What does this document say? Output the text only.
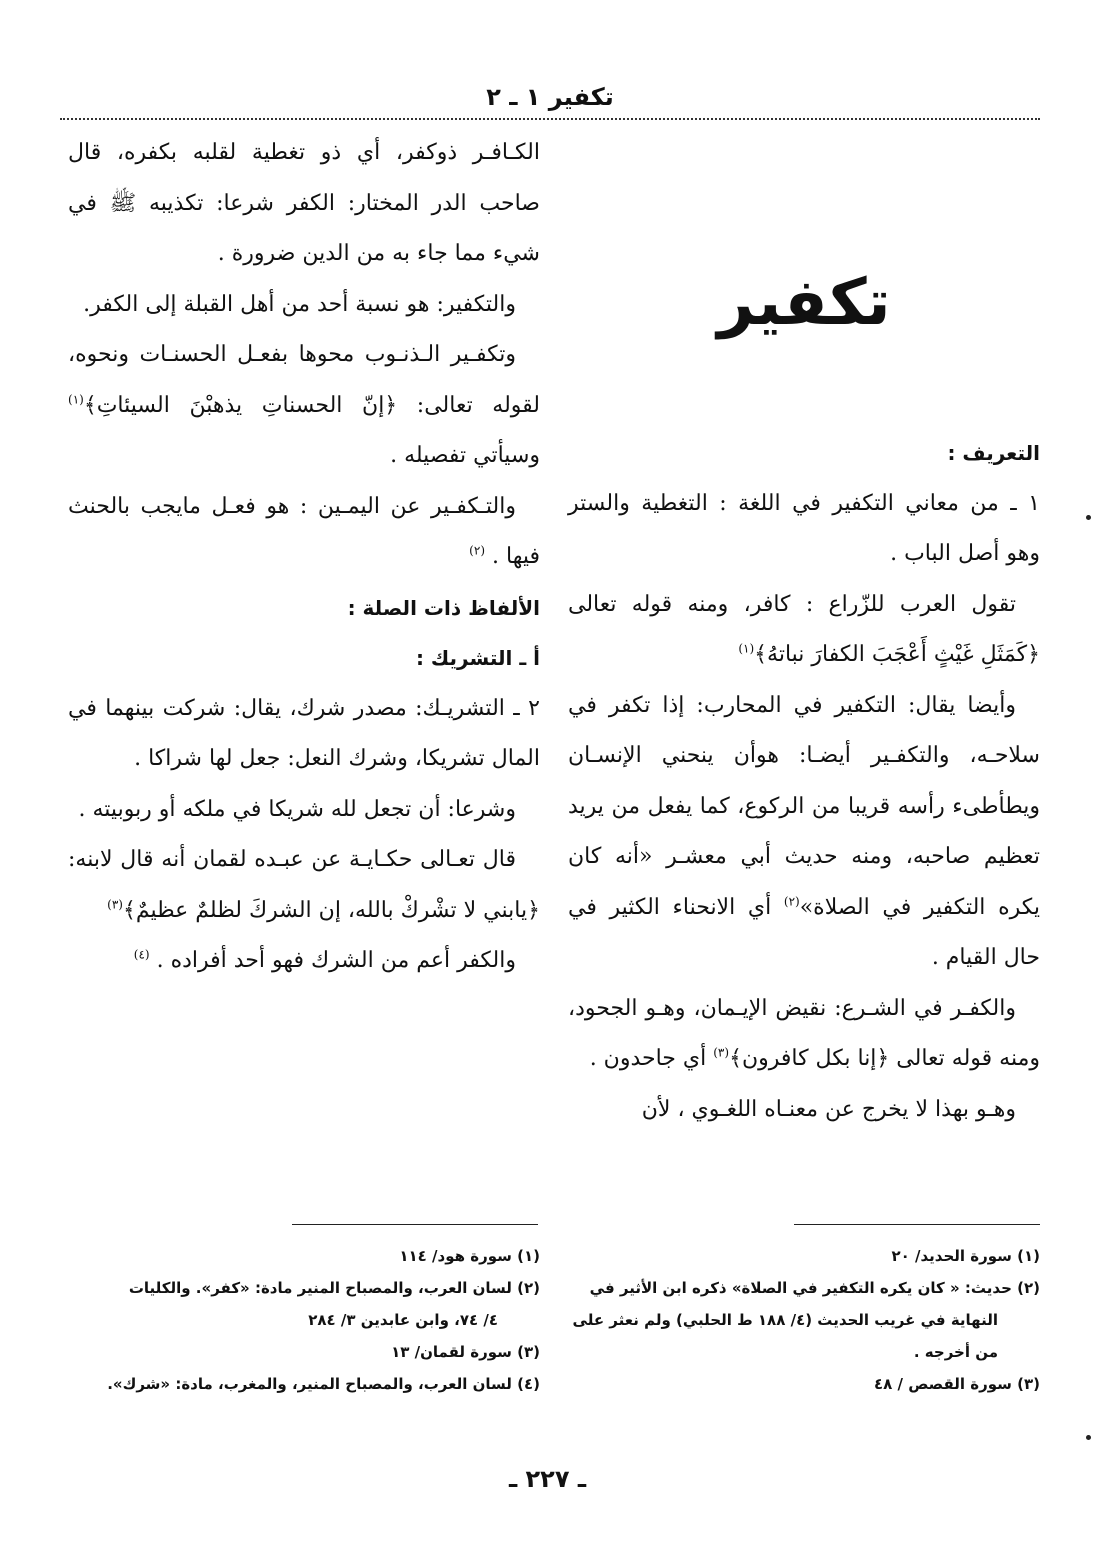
تكفير ١ ـ ٢
تكفير

التعريف :

١ ـ من معاني التكفير في اللغة : التغطية والستر وهو أصل الباب .

تقول العرب للزّراع : كافر، ومنه قوله تعالى ﴿كَمَثَلِ غَيْثٍ أَعْجَبَ الكفارَ نباتهُ﴾$^{(١)}$

وأيضا يقال: التكفير في المحارب: إذا تكفر في سلاحـه، والتكفـير أيضـا: هوأن ينحني الإنسـان ويطأطىء رأسه قريبا من الركوع، كما يفعل من يريد تعظيم صاحبه، ومنه حديث أبي معشـر «أنه كان يكره التكفير في الصلاة»$^{(٢)}$ أي الانحناء الكثير في حال القيام .

والكفـر في الشـرع: نقيض الإيـمان، وهـو الجحود، ومنه قوله تعالى ﴿إنا بكل كافرون﴾$^{(٣)}$ أي جاحدون .

وهـو بهذا لا يخرج عن معنـاه اللغـوي ، لأن

الكـافـر ذوكفر، أي ذو تغطية لقلبه بكفره، قال صاحب الدر المختار: الكفر شرعا: تكذيبه ﷺ في شيء مما جاء به من الدين ضرورة .

والتكفير: هو نسبة أحد من أهل القبلة إلى الكفر.

وتكفـير الـذنـوب محوها بفعـل الحسنـات ونحوه، لقوله تعالى: ﴿إنّ الحسناتِ يذهبْنَ السيئاتِ﴾$^{(١)}$ وسيأتي تفصيله .

والتـكفـير عن اليمـين : هو فعـل مايجب بالحنث فيها . $^{(٢)}$

الألفاظ ذات الصلة :

أ ـ التشريك :

٢ ـ التشريـك: مصدر شرك، يقال: شركت بينهما في المال تشريكا، وشرك النعل: جعل لها شراكا .

وشرعا: أن تجعل لله شريكا في ملكه أو ربوبيته .

قال تعـالى حكـايـة عن عبـده لقمان أنه قال لابنه: ﴿يابني لا تشْركْ بالله، إن الشركَ لظلمٌ عظيمٌ﴾$^{(٣)}$

والكفر أعم من الشرك فهو أحد أفراده . $^{(٤)}$

(١) سورة الحديد/ ٢٠
(٢) حديث: « كان يكره التكفير في الصلاة» ذكره ابن الأثير في
النهاية في غريب الحديث (٤/ ١٨٨ ط الحلبي) ولم نعثر على من أخرجه .
(٣) سورة القصص / ٤٨
(١) سورة هود/ ١١٤
(٢) لسان العرب، والمصباح المنير مادة: «كفر». والكليات
٤/ ٧٤، وابن عابدين ٣/ ٢٨٤
(٣) سورة لقمان/ ١٣
(٤) لسان العرب، والمصباح المنير، والمغرب، مادة: «شرك».
ـ ٢٢٧ ـ
